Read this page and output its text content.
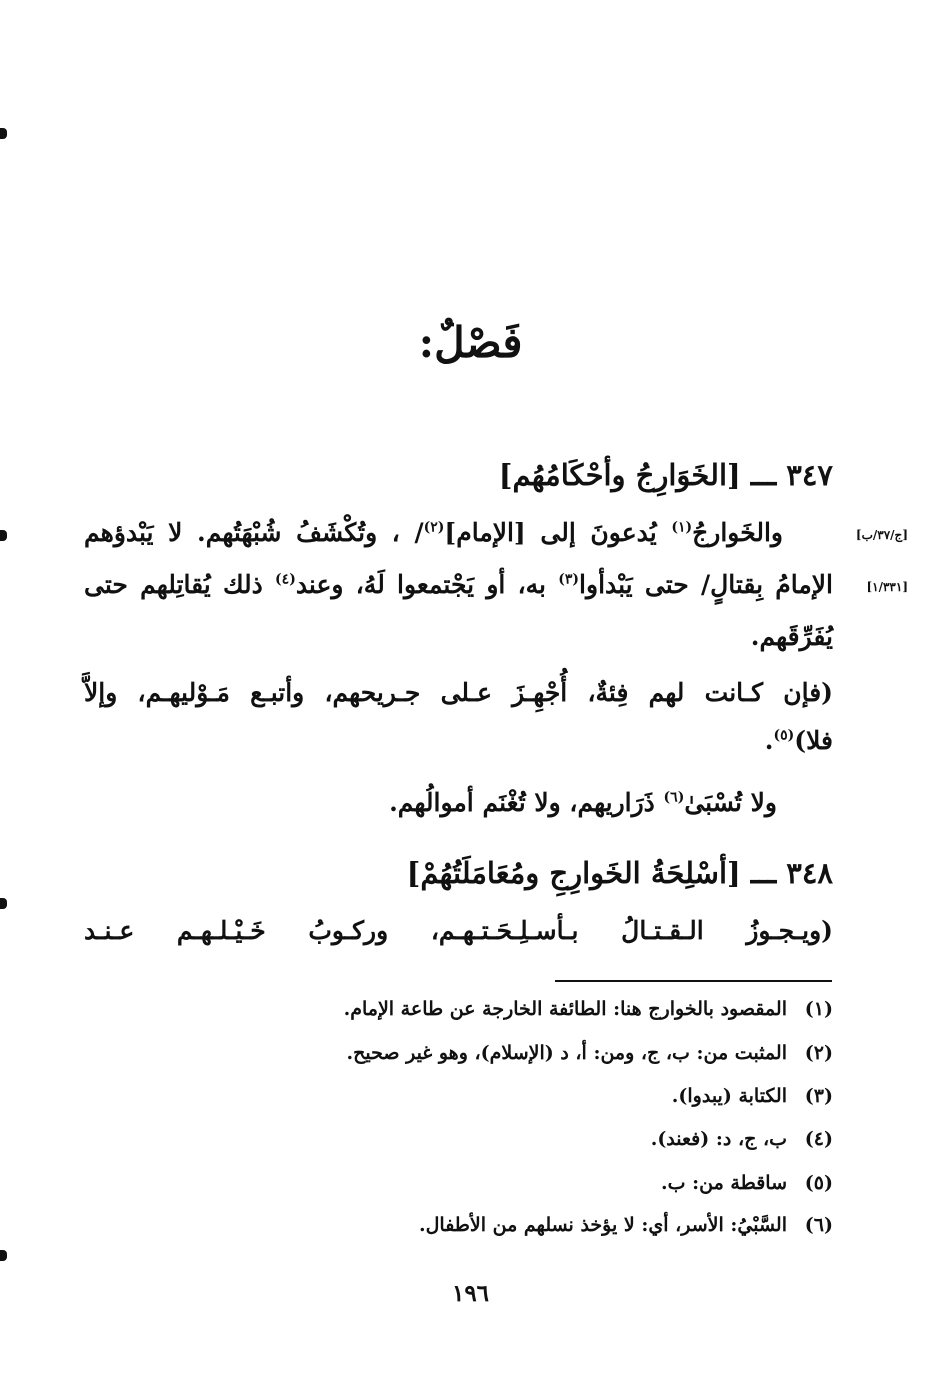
فَصْلٌ:
٣٤٧ـــ[الخَوَارِجُ وأحْكَامُهُم]
[ج/٣٧/ب]
[١/٣٣١]
والخَوارجُ$^{(١)}$ يُدعونَ إلى [الإمام]$^{(٢)}$/ ، وتُكْشَفُ شُبْهَتُهم. لا يَبْدؤهم
الإمامُ بِقتالٍ/ حتى يَبْدأوا$^{(٣)}$ به، أو يَجْتمعوا لَهُ، وعند$^{(٤)}$ ذلك يُقاتِلهم حتى
يُفَرِّقَهم.
(فإن كـانت لهم فِئةٌ، أُجْهِـزَ عـلى جـريحهم، وأتبـع مَـوْليهـم، وإلاَّ
فلا)$^{(٥)}$.
ولا تُسْبَىٰ$^{(٦)}$ ذَرَاريهم، ولا تُغْنَم أموالُهم.
٣٤٨ـــ[أسْلِحَةُ الخَوارِجِ ومُعَامَلَتُهُمْ]
(ويـجـوزُ الـقـتـالُ بـأسـلِـحَـتـهـم، وركـوبُ خَـيْـلـهـم عـنـد
(١)المقصود بالخوارج هنا: الطائفة الخارجة عن طاعة الإمام.
(٢)المثبت من: ب، ج، ومن: أ، د (الإسلام)، وهو غير صحيح.
(٣)الكتابة (يبدوا).
(٤)ب، ج، د: (فعند).
(٥)ساقطة من: ب.
(٦)السَّبْيُ: الأسر، أي: لا يؤخذ نسلهم من الأطفال.
١٩٦
